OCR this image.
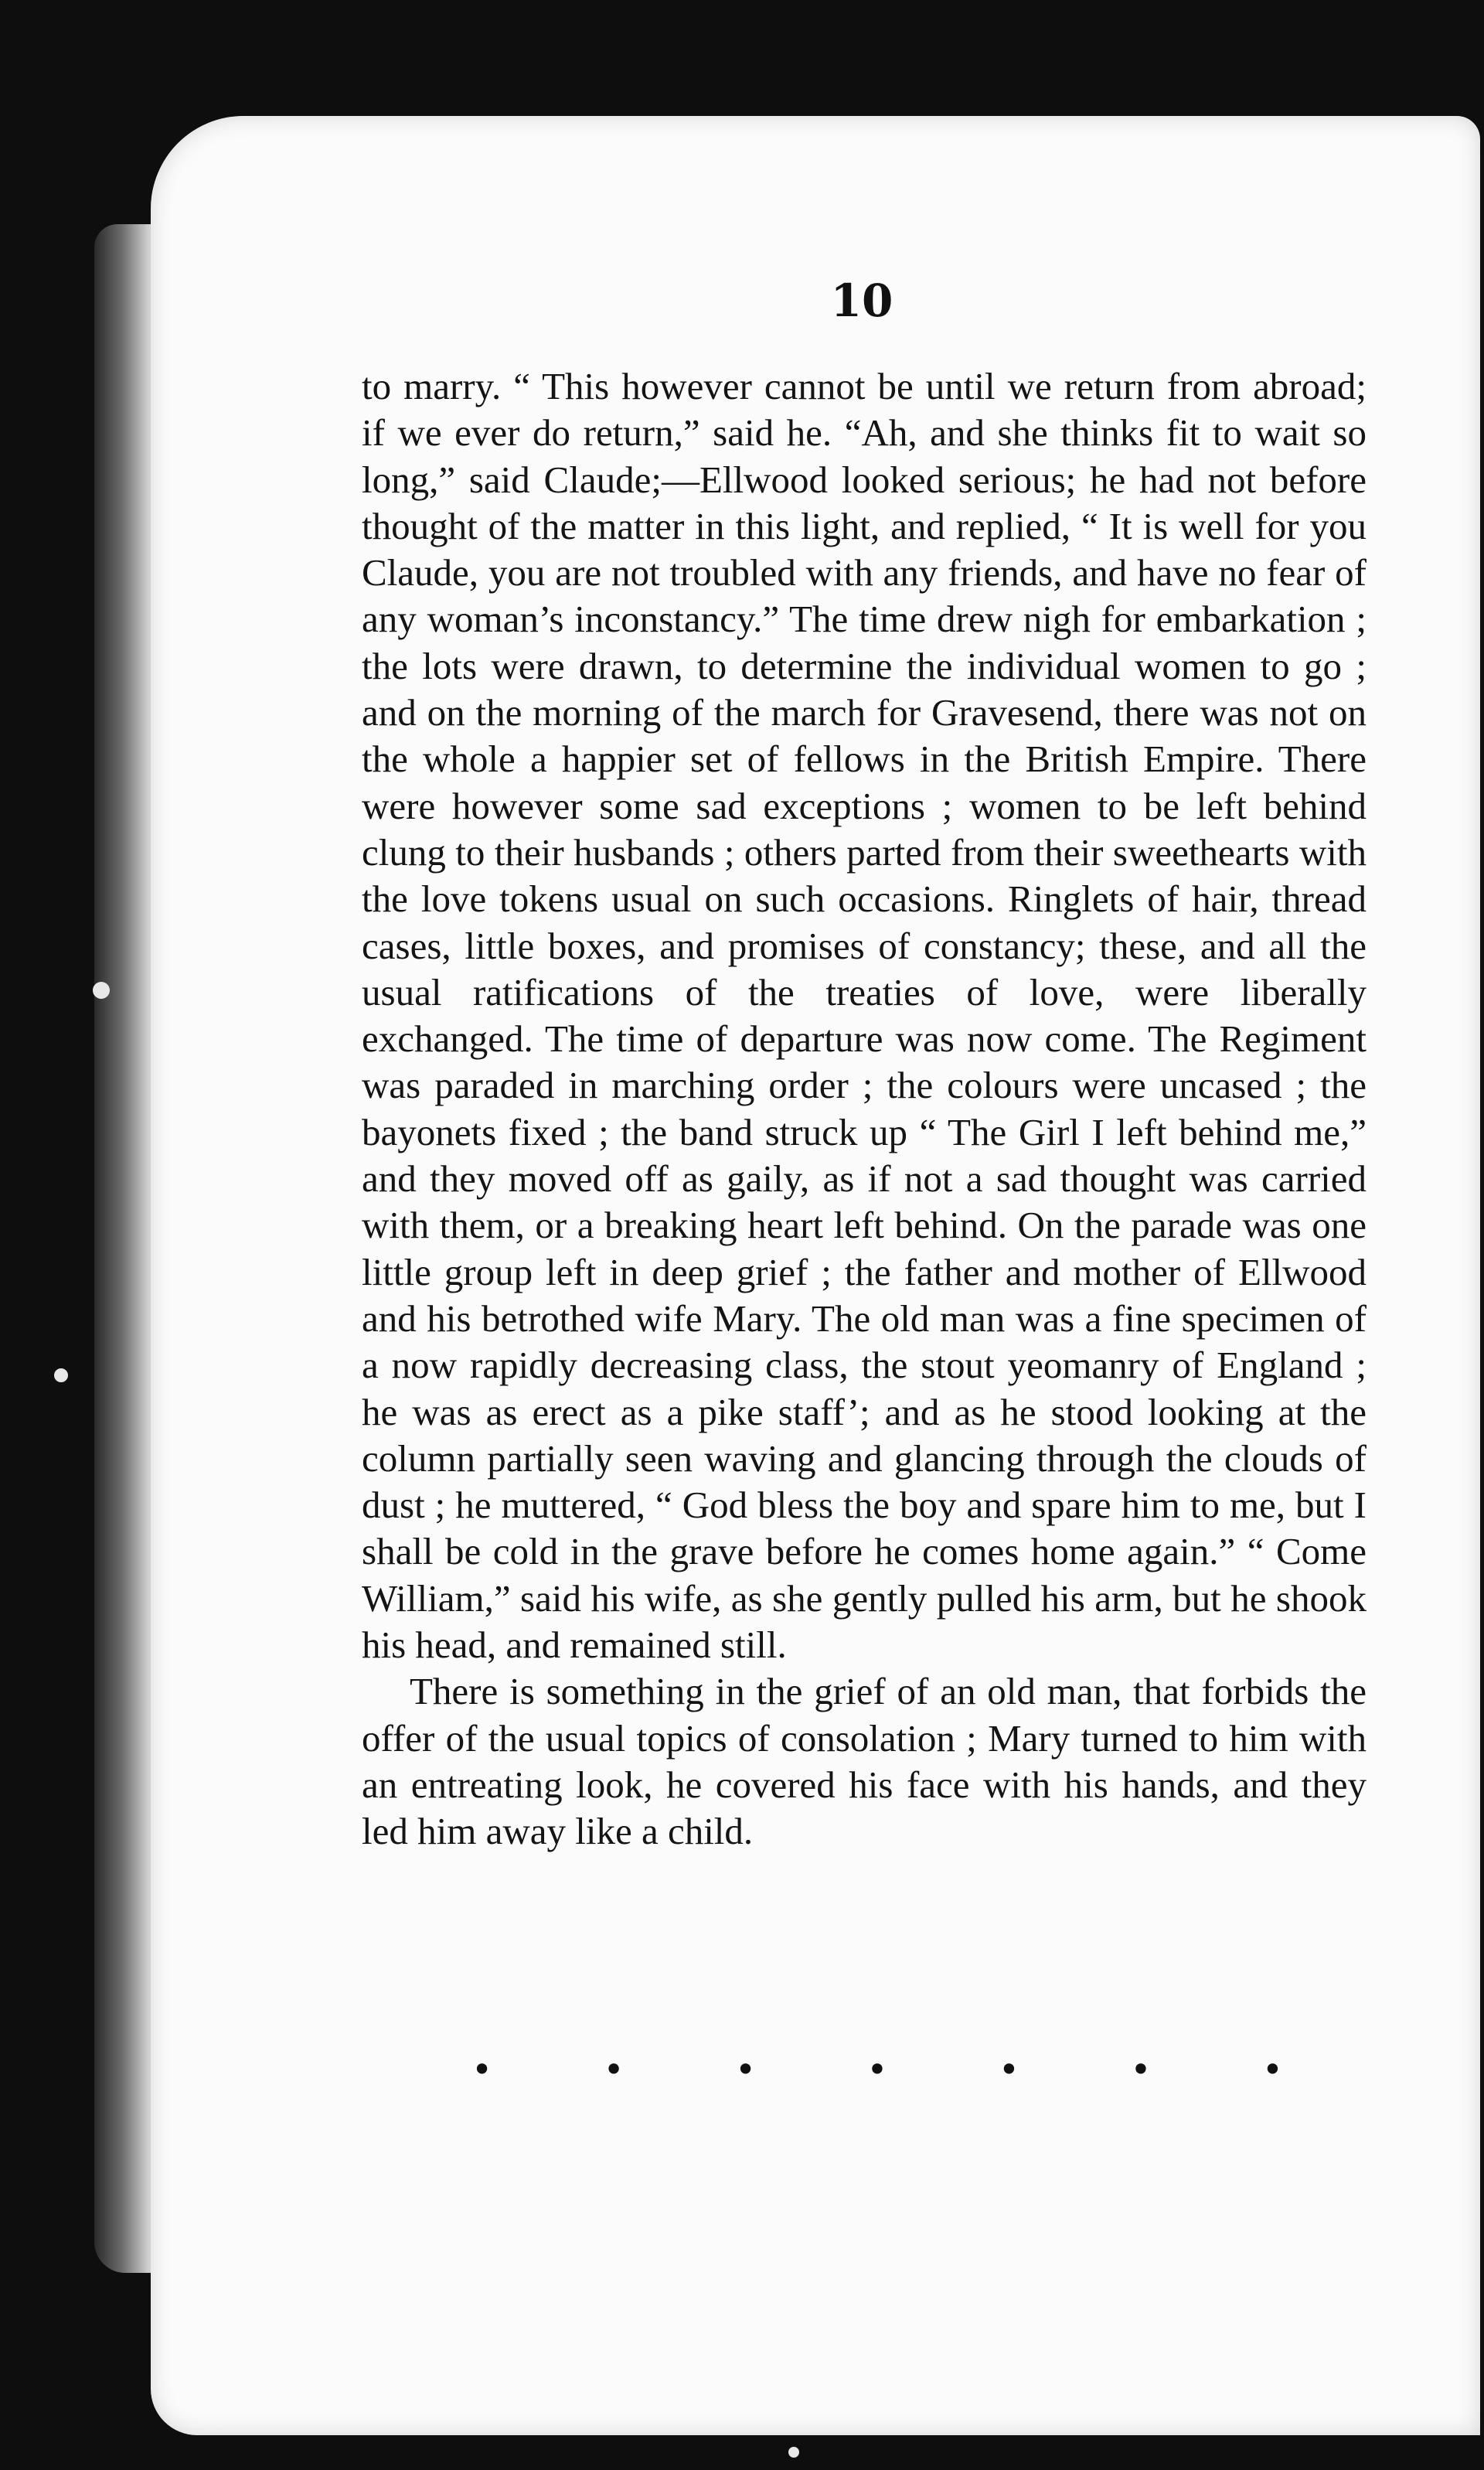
10

to marry. “ This however cannot be until we return from abroad; if we ever do return,” said he. “Ah, and she thinks fit to wait so long,” said Claude;—Ellwood looked serious; he had not before thought of the matter in this light, and replied, “ It is well for you Claude, you are not troubled with any friends, and have no fear of any woman’s inconstancy.” The time drew nigh for embarkation ; the lots were drawn, to determine the individual women to go ; and on the morning of the march for Gravesend, there was not on the whole a happier set of fellows in the British Empire. There were however some sad exceptions ; women to be left behind clung to their husbands ; others parted from their sweethearts with the love tokens usual on such occasions. Ringlets of hair, thread cases, little boxes, and promises of constancy; these, and all the usual ratifications of the treaties of love, were liberally exchanged. The time of departure was now come. The Regiment was paraded in marching order ; the colours were uncased ; the bayonets fixed ; the band struck up “ The Girl I left behind me,” and they moved off as gaily, as if not a sad thought was carried with them, or a breaking heart left behind. On the parade was one little group left in deep grief ; the father and mother of Ellwood and his betrothed wife Mary. The old man was a fine specimen of a now rapidly decreasing class, the stout yeomanry of England ; he was as erect as a pike staff’; and as he stood looking at the column partially seen waving and glancing through the clouds of dust ; he muttered, “ God bless the boy and spare him to me, but I shall be cold in the grave before he comes home again.” “ Come William,” said his wife, as she gently pulled his arm, but he shook his head, and remained still.

There is something in the grief of an old man, that forbids the offer of the usual topics of consolation ; Mary turned to him with an entreating look, he covered his face with his hands, and they led him away like a child.

•	•	•	•	•	•	•
